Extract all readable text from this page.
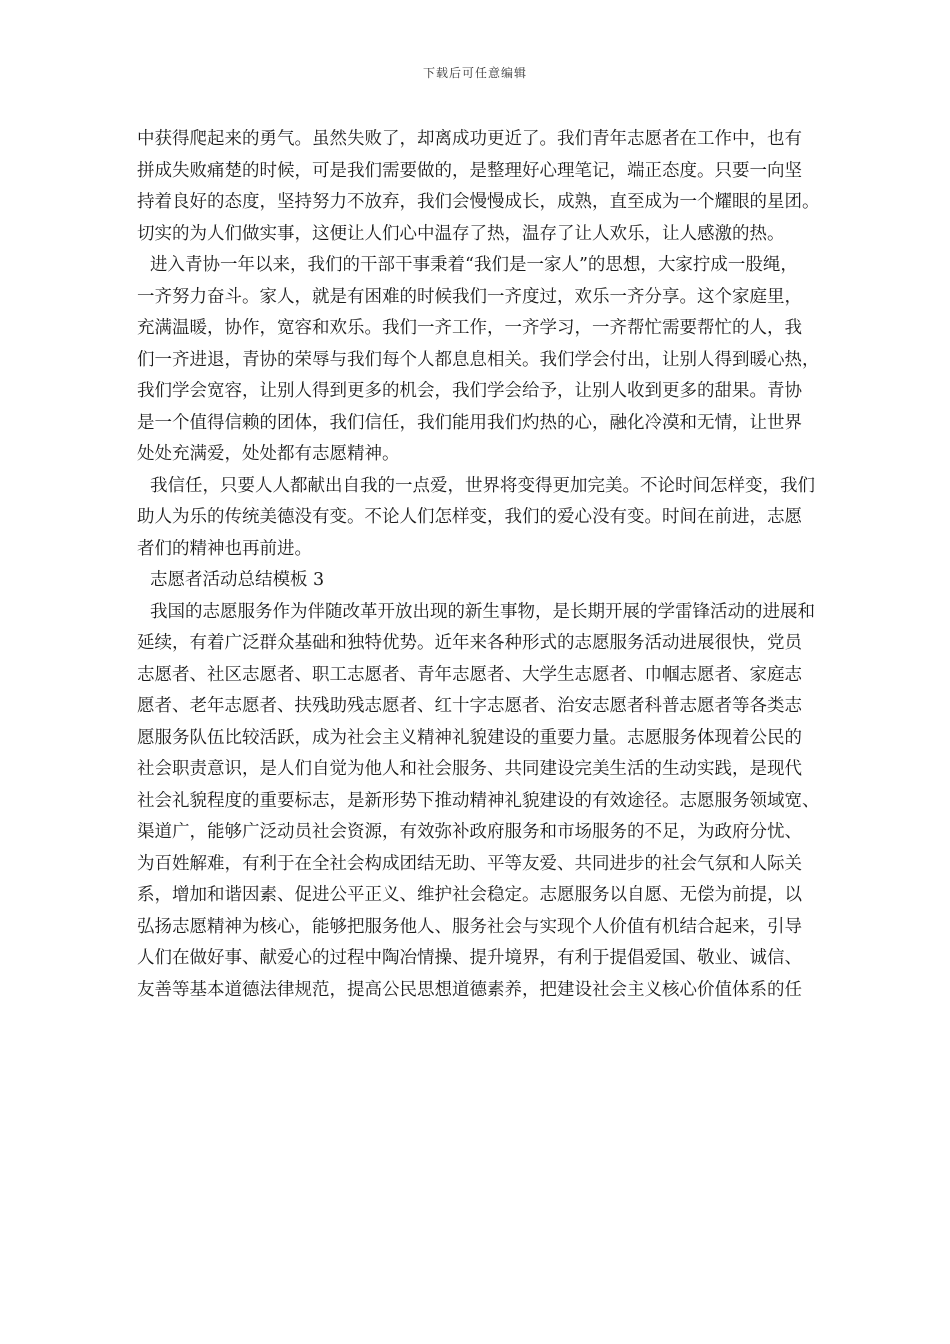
下载后可任意编辑
中获得爬起来的勇气。虽然失败了，却离成功更近了。我们青年志愿者在工作中，也有
拼成失败痛楚的时候，可是我们需要做的，是整理好心理笔记，端正态度。只要一向坚
持着良好的态度，坚持努力不放弃，我们会慢慢成长，成熟，直至成为一个耀眼的星团。
切实的为人们做实事，这便让人们心中温存了热，温存了让人欢乐，让人感激的热。
进入青协一年以来，我们的干部干事秉着“我们是一家人”的思想，大家拧成一股绳，
一齐努力奋斗。家人，就是有困难的时候我们一齐度过，欢乐一齐分享。这个家庭里，
充满温暖，协作，宽容和欢乐。我们一齐工作，一齐学习，一齐帮忙需要帮忙的人，我
们一齐进退，青协的荣辱与我们每个人都息息相关。我们学会付出，让别人得到暖心热，
我们学会宽容，让别人得到更多的机会，我们学会给予，让别人收到更多的甜果。青协
是一个值得信赖的团体，我们信任，我们能用我们灼热的心，融化冷漠和无情，让世界
处处充满爱，处处都有志愿精神。
我信任，只要人人都献出自我的一点爱，世界将变得更加完美。不论时间怎样变，我们
助人为乐的传统美德没有变。不论人们怎样变，我们的爱心没有变。时间在前进，志愿
者们的精神也再前进。
志愿者活动总结模板 3
我国的志愿服务作为伴随改革开放出现的新生事物，是长期开展的学雷锋活动的进展和
延续，有着广泛群众基础和独特优势。近年来各种形式的志愿服务活动进展很快，党员
志愿者、社区志愿者、职工志愿者、青年志愿者、大学生志愿者、巾帼志愿者、家庭志
愿者、老年志愿者、扶残助残志愿者、红十字志愿者、治安志愿者科普志愿者等各类志
愿服务队伍比较活跃，成为社会主义精神礼貌建设的重要力量。志愿服务体现着公民的
社会职责意识，是人们自觉为他人和社会服务、共同建设完美生活的生动实践，是现代
社会礼貌程度的重要标志，是新形势下推动精神礼貌建设的有效途径。志愿服务领域宽、
渠道广，能够广泛动员社会资源，有效弥补政府服务和市场服务的不足，为政府分忧、
为百姓解难，有利于在全社会构成团结无助、平等友爱、共同进步的社会气氛和人际关
系，增加和谐因素、促进公平正义、维护社会稳定。志愿服务以自愿、无偿为前提，以
弘扬志愿精神为核心，能够把服务他人、服务社会与实现个人价值有机结合起来，引导
人们在做好事、献爱心的过程中陶冶情操、提升境界，有利于提倡爱国、敬业、诚信、
友善等基本道德法律规范，提高公民思想道德素养，把建设社会主义核心价值体系的任
